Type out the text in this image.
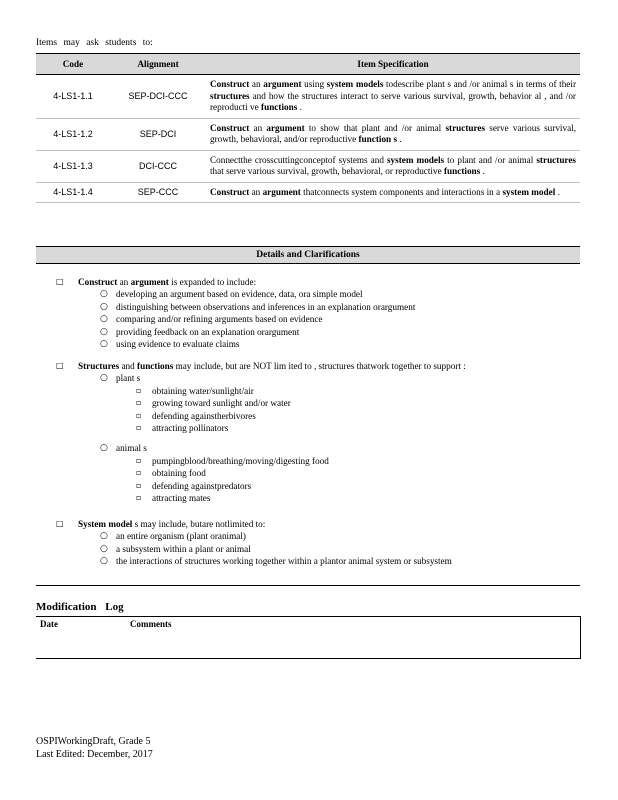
Items may ask students to:
Code	Alignment	Item Specification
4-LS1-1.1	SEP-DCI-CCC	Construct an argument using system models todescribe plant s and /or animal s in terms of their structures and how the structures interact to serve various survival, growth, behavior al , and /or reproducti ve functions .
4-LS1-1.2	SEP-DCI	Construct an argument to show that plant and /or animal structures serve various survival, growth, behavioral, and/or reproductive function s .
4-LS1-1.3	DCI-CCC	Connectthe crosscuttingconceptof systems and system models to plant and /or animal structures that serve various survival, growth, behavioral, or reproductive functions .
4-LS1-1.4	SEP-CCC	Construct an argument thatconnects system components and interactions in a system model .
Details and Clarifications
□ Construct an argument is expanded to include:
○ developing an argument based on evidence, data, ora simple model
○ distinguishing between observations and inferences in an explanation orargument
○ comparing and/or refining arguments based on evidence
○ providing feedback on an explanation orargument
○ using evidence to evaluate claims
□ Structures and functions may include, but are NOT lim ited to , structures thatwork together to support :
○ plant s
▫ obtaining water/sunlight/air
▫ growing toward sunlight and/or water
▫ defending againstherbivores
▫ attracting pollinators
○ animal s
▫ pumpingblood/breathing/moving/digesting food
▫ obtaining food
▫ defending againstpredators
▫ attracting mates
□ System model s may include, butare notlimited to:
○ an entire organism (plant oranimal)
○ a subsystem within a plant or animal
○ the interactions of structures working together within a plantor animal system or subsystem
Modification Log
Date	Comments
OSPIWorkingDraft, Grade 5
Last Edited: December, 2017
